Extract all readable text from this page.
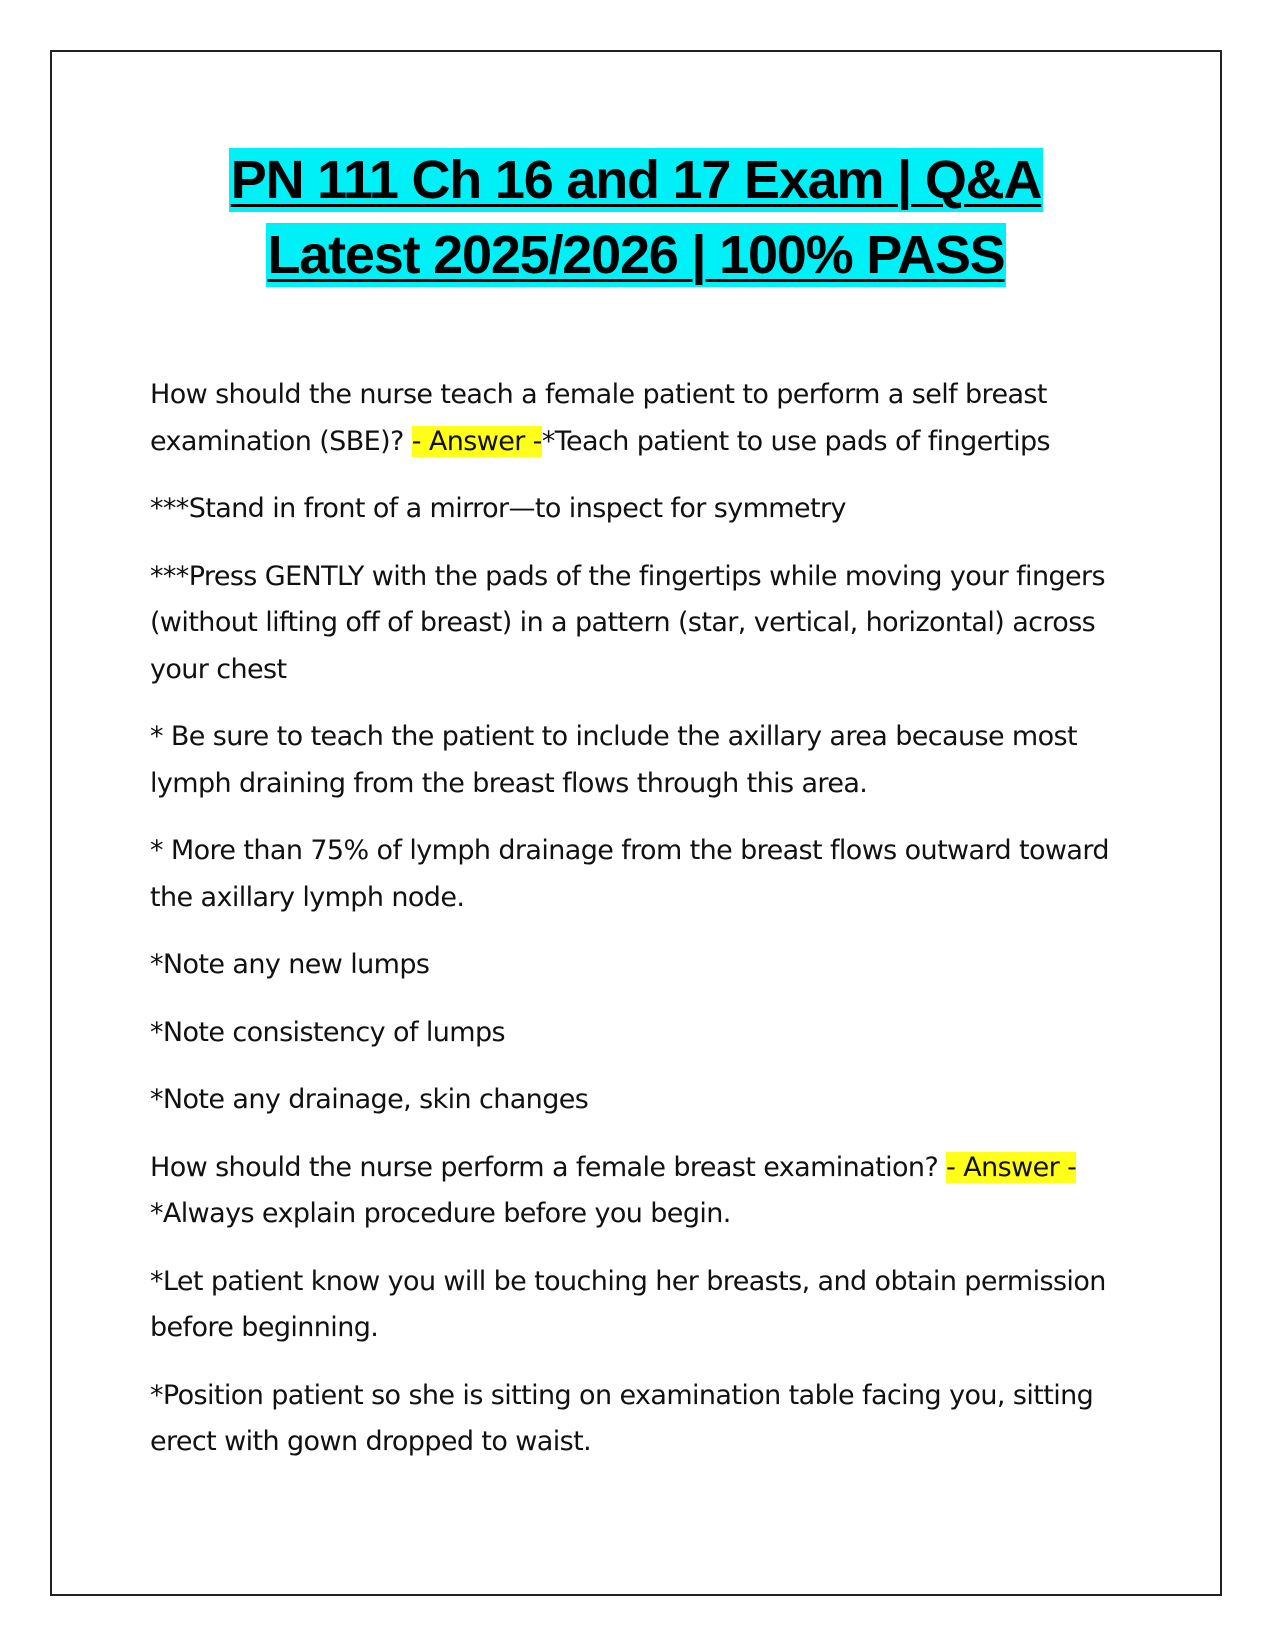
PN 111 Ch 16 and 17 Exam | Q&A
Latest 2025/2026 | 100% PASS

How should the nurse teach a female patient to perform a self breast examination (SBE)? - Answer -*Teach patient to use pads of fingertips

***Stand in front of a mirror—to inspect for symmetry

***Press GENTLY with the pads of the fingertips while moving your fingers (without lifting off of breast) in a pattern (star, vertical, horizontal) across your chest

* Be sure to teach the patient to include the axillary area because most lymph draining from the breast flows through this area.

* More than 75% of lymph drainage from the breast flows outward toward the axillary lymph node.

*Note any new lumps

*Note consistency of lumps

*Note any drainage, skin changes

How should the nurse perform a female breast examination? - Answer -
*Always explain procedure before you begin.

*Let patient know you will be touching her breasts, and obtain permission before beginning.

*Position patient so she is sitting on examination table facing you, sitting erect with gown dropped to waist.
